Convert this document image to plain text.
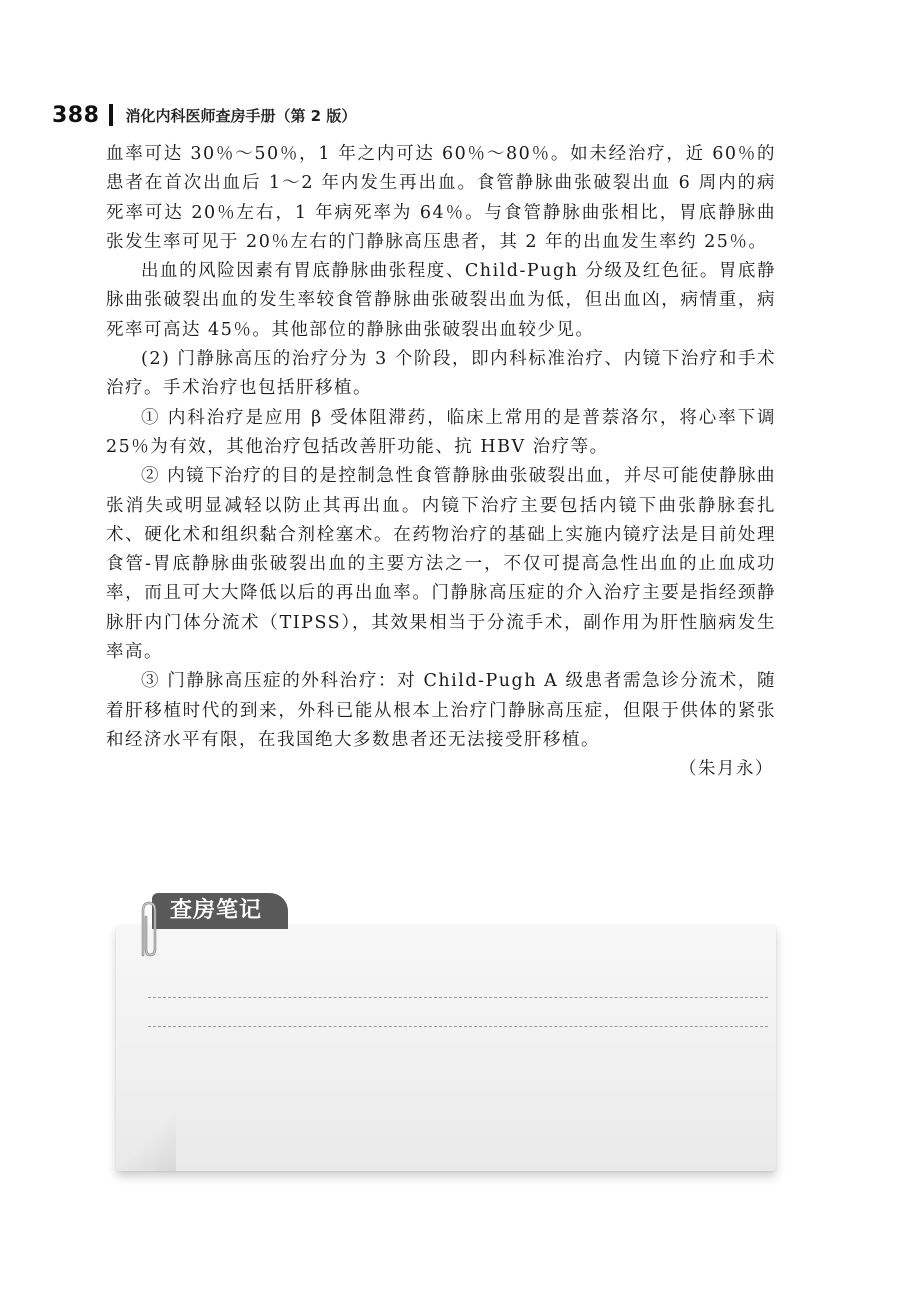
388 消化内科医师查房手册（第 2 版）

血率可达 30％～50％，1 年之内可达 60％～80％。如未经治疗，近 60％的患者在首次出血后 1～2 年内发生再出血。食管静脉曲张破裂出血 6 周内的病死率可达 20％左右，1 年病死率为 64％。与食管静脉曲张相比，胃底静脉曲张发生率可见于 20％左右的门静脉高压患者，其 2 年的出血发生率约 25％。

出血的风险因素有胃底静脉曲张程度、Child-Pugh 分级及红色征。胃底静脉曲张破裂出血的发生率较食管静脉曲张破裂出血为低，但出血凶，病情重，病死率可高达 45％。其他部位的静脉曲张破裂出血较少见。

(2) 门静脉高压的治疗分为 3 个阶段，即内科标准治疗、内镜下治疗和手术治疗。手术治疗也包括肝移植。

① 内科治疗是应用 β 受体阻滞药，临床上常用的是普萘洛尔，将心率下调 25％为有效，其他治疗包括改善肝功能、抗 HBV 治疗等。

② 内镜下治疗的目的是控制急性食管静脉曲张破裂出血，并尽可能使静脉曲张消失或明显减轻以防止其再出血。内镜下治疗主要包括内镜下曲张静脉套扎术、硬化术和组织黏合剂栓塞术。在药物治疗的基础上实施内镜疗法是目前处理食管-胃底静脉曲张破裂出血的主要方法之一，不仅可提高急性出血的止血成功率，而且可大大降低以后的再出血率。门静脉高压症的介入治疗主要是指经颈静脉肝内门体分流术（TIPSS），其效果相当于分流手术，副作用为肝性脑病发生率高。

③ 门静脉高压症的外科治疗：对 Child-Pugh A 级患者需急诊分流术，随着肝移植时代的到来，外科已能从根本上治疗门静脉高压症，但限于供体的紧张和经济水平有限，在我国绝大多数患者还无法接受肝移植。

（朱月永）

查房笔记
